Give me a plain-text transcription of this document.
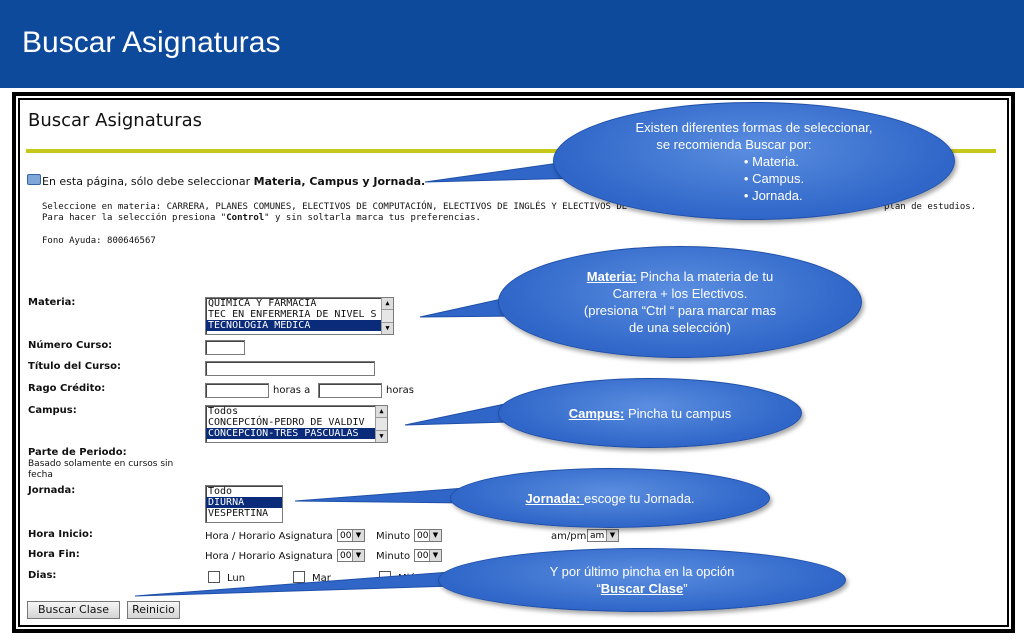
Buscar Asignaturas
Buscar Asignaturas
En esta página, sólo debe seleccionar Materia, Campus y Jornada.
Seleccione en materia: CARRERA, PLANES COMUNES, ELECTIVOS DE COMPUTACIÓN, ELECTIVOS DE INGLÉS Y ELECTIVOS DE	plan de estudios.
Para hacer la selección presiona "Control" y sin soltarla marca tus preferencias.
Fono Ayuda: 800646567
Materia:	QUIMICA Y FARMACIA
TEC EN ENFERMERIA DE NIVEL S
TECNOLOGIA MEDICA
▲
▼
Número Curso:
Título del Curso:
Rago Crédito:	horas a	horas
Campus:	Todos
CONCEPCIÓN-PEDRO DE VALDIV
CONCEPCIÓN-TRES PASCUALAS
▲
▼
Parte de Periodo:
Basado solamente en cursos sin
fecha
Jornada:	Todo
DIURNA
VESPERTINA
Hora Inicio:	Hora / Horario Asignatura 00 ▼ Minuto 00 ▼	am/pm am ▼
Hora Fin:	Hora / Horario Asignatura 00 ▼ Minuto 00 ▼
Dias:	Lun	Mar
Buscar Clase	Reinicio
Existen diferentes formas de seleccionar,
se recomienda Buscar por:
• Materia.
• Campus.
• Jornada.
Materia: Pincha la materia de tu
Carrera + los Electivos.
(presiona “Ctrl “ para marcar mas
de una selección)
Campus: Pincha tu campus
Jornada: escoge tu Jornada.
Y por último pincha en la opción
“Buscar Clase”
